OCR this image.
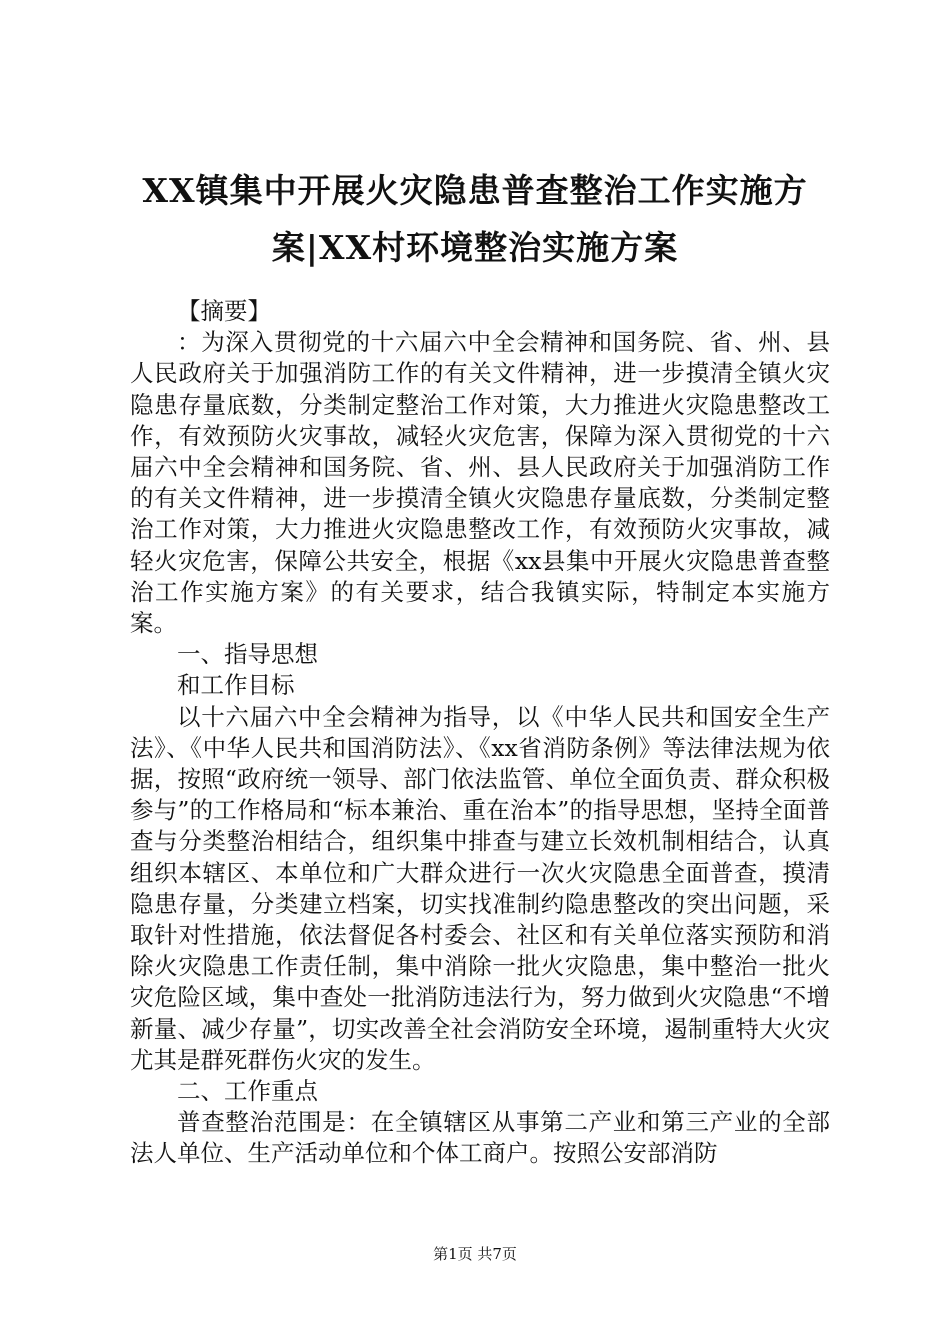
XX镇集中开展火灾隐患普查整治工作实施方
案|XX村环境整治实施方案

【摘要】

：为深入贯彻党的十六届六中全会精神和国务院、省、州、县人民政府关于加强消防工作的有关文件精神，进一步摸清全镇火灾隐患存量底数，分类制定整治工作对策，大力推进火灾隐患整改工作，有效预防火灾事故，减轻火灾危害，保障为深入贯彻党的十六届六中全会精神和国务院、省、州、县人民政府关于加强消防工作的有关文件精神，进一步摸清全镇火灾隐患存量底数，分类制定整治工作对策，大力推进火灾隐患整改工作，有效预防火灾事故，减轻火灾危害，保障公共安全，根据《xx县集中开展火灾隐患普查整治工作实施方案》的有关要求，结合我镇实际，特制定本实施方案。

一、指导思想

和工作目标

以十六届六中全会精神为指导，以《中华人民共和国安全生产法》、《中华人民共和国消防法》、《xx省消防条例》等法律法规为依据，按照“政府统一领导、部门依法监管、单位全面负责、群众积极参与”的工作格局和“标本兼治、重在治本”的指导思想，坚持全面普查与分类整治相结合，组织集中排查与建立长效机制相结合，认真组织本辖区、本单位和广大群众进行一次火灾隐患全面普查，摸清隐患存量，分类建立档案，切实找准制约隐患整改的突出问题，采取针对性措施，依法督促各村委会、社区和有关单位落实预防和消除火灾隐患工作责任制，集中消除一批火灾隐患，集中整治一批火灾危险区域，集中查处一批消防违法行为，努力做到火灾隐患“不增新量、减少存量”，切实改善全社会消防安全环境，遏制重特大火灾尤其是群死群伤火灾的发生。

二、工作重点

普查整治范围是：在全镇辖区从事第二产业和第三产业的全部法人单位、生产活动单位和个体工商户。按照公安部消防

第1页 共7页
